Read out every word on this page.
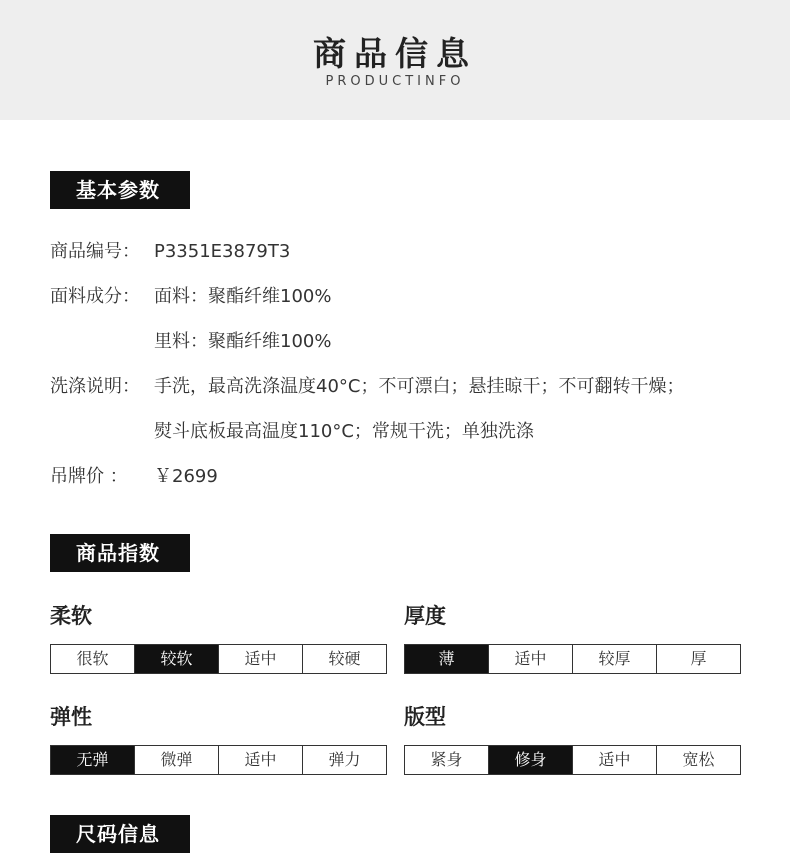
商品信息
PRODUCTINFO
基本参数
商品编号： P3351E3879T3
面料成分： 面料：聚酯纤维100%
里料：聚酯纤维100%
洗涤说明： 手洗，最高洗涤温度40°C；不可漂白；悬挂晾干；不可翻转干燥；
熨斗底板最高温度110°C；常规干洗；单独洗涤
吊牌价 ： ￥2699
商品指数
柔软
很软	较软	适中	较硬
厚度
薄	适中	较厚	厚
弹性
无弹	微弹	适中	弹力
版型
紧身	修身	适中	宽松
尺码信息
